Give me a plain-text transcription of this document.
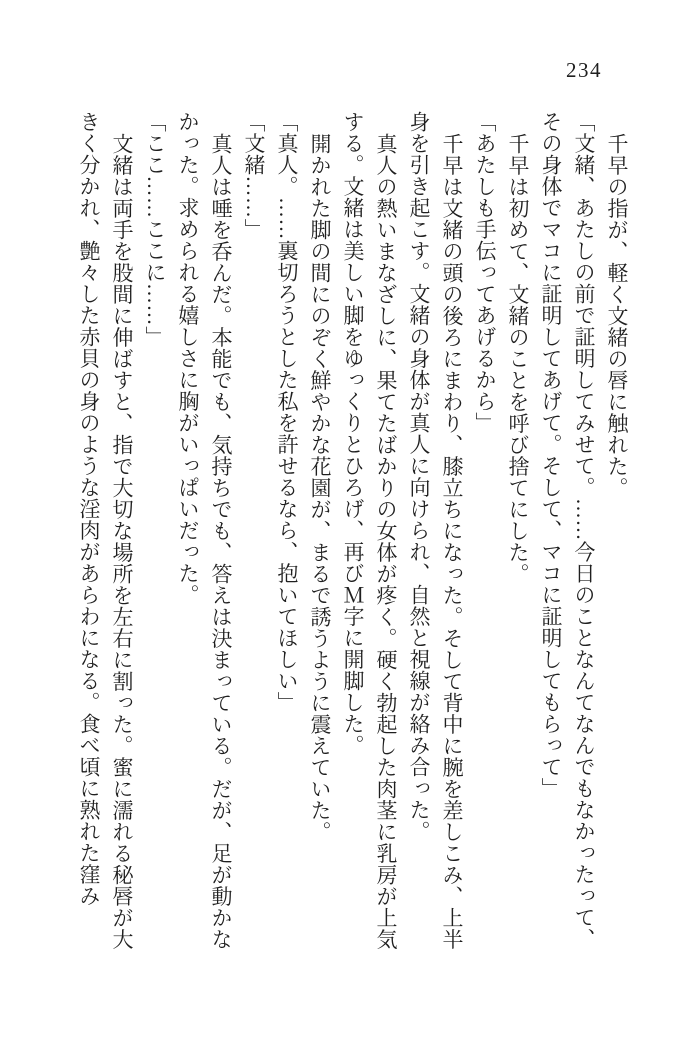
234

千早の指が、軽く文緒の唇に触れた。

「文緒、あたしの前で証明してみせて。……今日のことなんてなんでもなかったって、その身体でマコに証明してあげて。そして、マコに証明してもらって」

千早は初めて、文緒のことを呼び捨てにした。

「あたしも手伝ってあげるから」

千早は文緒の頭の後ろにまわり、膝立ちになった。そして背中に腕を差しこみ、上半身を引き起こす。文緒の身体が真人に向けられ、自然と視線が絡み合った。

真人の熱いまなざしに、果てたばかりの女体が疼く。硬く勃起した肉茎に乳房が上気する。文緒は美しい脚をゆっくりとひろげ、再びＭ字に開脚した。

開かれた脚の間にのぞく鮮やかな花園が、まるで誘うように震えていた。

「真人。……裏切ろうとした私を許せるなら、抱いてほしい」

「文緒……」

真人は唾を呑んだ。本能でも、気持ちでも、答えは決まっている。だが、足が動かなかった。求められる嬉しさに胸がいっぱいだった。

「ここ……ここに……」

文緒は両手を股間に伸ばすと、指で大切な場所を左右に割った。蜜に濡れる秘唇が大きく分かれ、艶々した赤貝の身のような淫肉があらわになる。食べ頃に熟れた窪み
